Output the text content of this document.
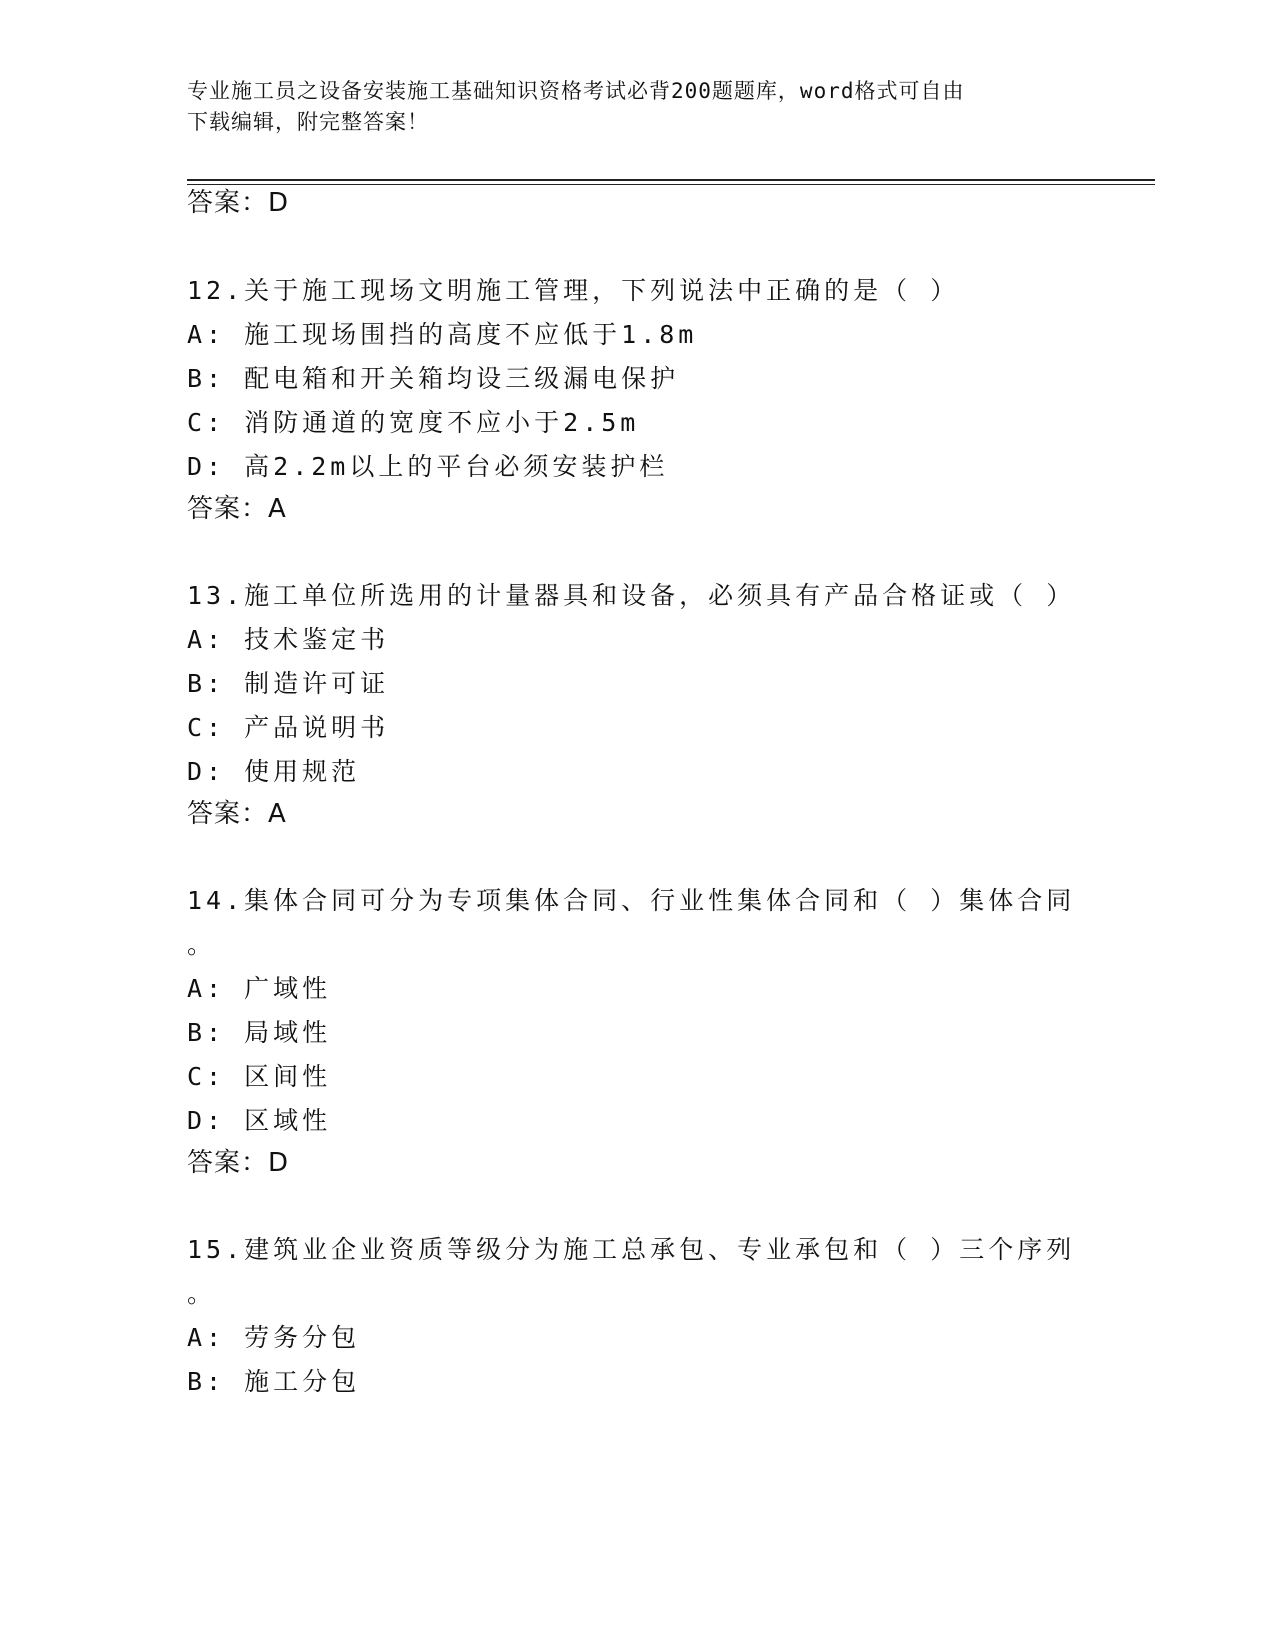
专业施工员之设备安装施工基础知识资格考试必背200题题库，word格式可自由
下载编辑，附完整答案！
答案：D
12.关于施工现场文明施工管理，下列说法中正确的是（ ）
A: 施工现场围挡的高度不应低于1.8m
B: 配电箱和开关箱均设三级漏电保护
C: 消防通道的宽度不应小于2.5m
D: 高2.2m以上的平台必须安装护栏
答案：A
13.施工单位所选用的计量器具和设备，必须具有产品合格证或（ ）
A: 技术鉴定书
B: 制造许可证
C: 产品说明书
D: 使用规范
答案：A
14.集体合同可分为专项集体合同、行业性集体合同和（ ）集体合同
。
A: 广域性
B: 局域性
C: 区间性
D: 区域性
答案：D
15.建筑业企业资质等级分为施工总承包、专业承包和（ ）三个序列
。
A: 劳务分包
B: 施工分包
